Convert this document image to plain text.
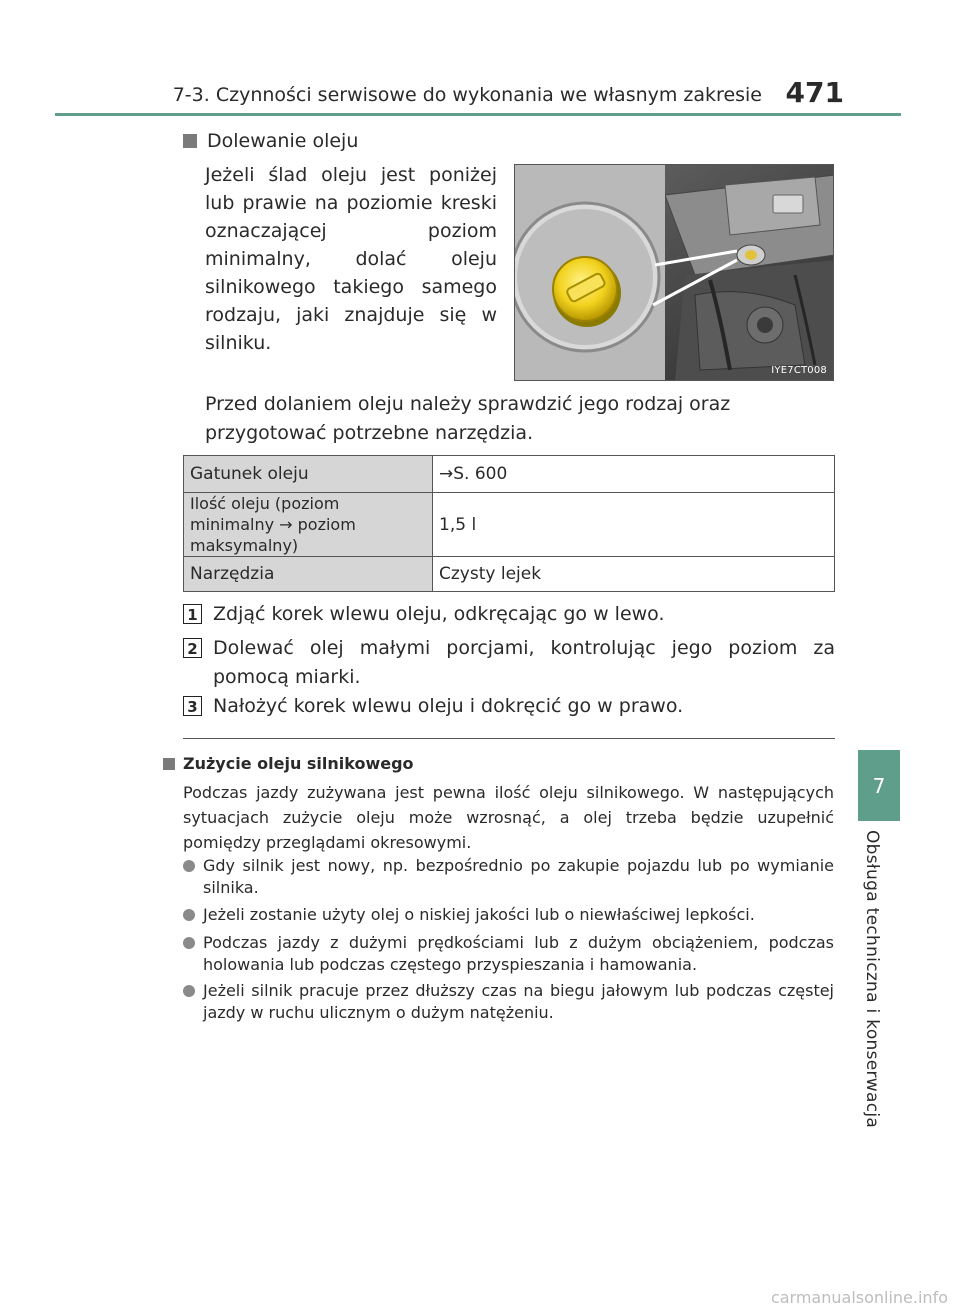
7-3. Czynności serwisowe do wykonania we własnym zakresie 471
7
Obsługa techniczna i konserwacja
Dolewanie oleju
Jeżeli ślad oleju jest poniżej lub prawie na poziomie kreski oznaczającej poziom minimalny, dolać oleju silnikowego takiego samego rodzaju, jaki znajduje się w silniku.
IYE7CT008
Przed dolaniem oleju należy sprawdzić jego rodzaj oraz przygotować potrzebne narzędzia.
Gatunek oleju	→S. 600
Ilość oleju (poziom minimalny → poziom maksymalny)	1,5 l
Narzędzia	Czysty lejek
1 Zdjąć korek wlewu oleju, odkręcając go w lewo.
2 Dolewać olej małymi porcjami, kontrolując jego poziom za pomocą miarki.
3 Nałożyć korek wlewu oleju i dokręcić go w prawo.
Zużycie oleju silnikowego
Podczas jazdy zużywana jest pewna ilość oleju silnikowego. W następujących sytuacjach zużycie oleju może wzrosnąć, a olej trzeba będzie uzupełnić pomiędzy przeglądami okresowymi.
Gdy silnik jest nowy, np. bezpośrednio po zakupie pojazdu lub po wymianie silnika.
Jeżeli zostanie użyty olej o niskiej jakości lub o niewłaściwej lepkości.
Podczas jazdy z dużymi prędkościami lub z dużym obciążeniem, podczas holowania lub podczas częstego przyspieszania i hamowania.
Jeżeli silnik pracuje przez dłuższy czas na biegu jałowym lub podczas częstej jazdy w ruchu ulicznym o dużym natężeniu.
carmanualsonline.info
